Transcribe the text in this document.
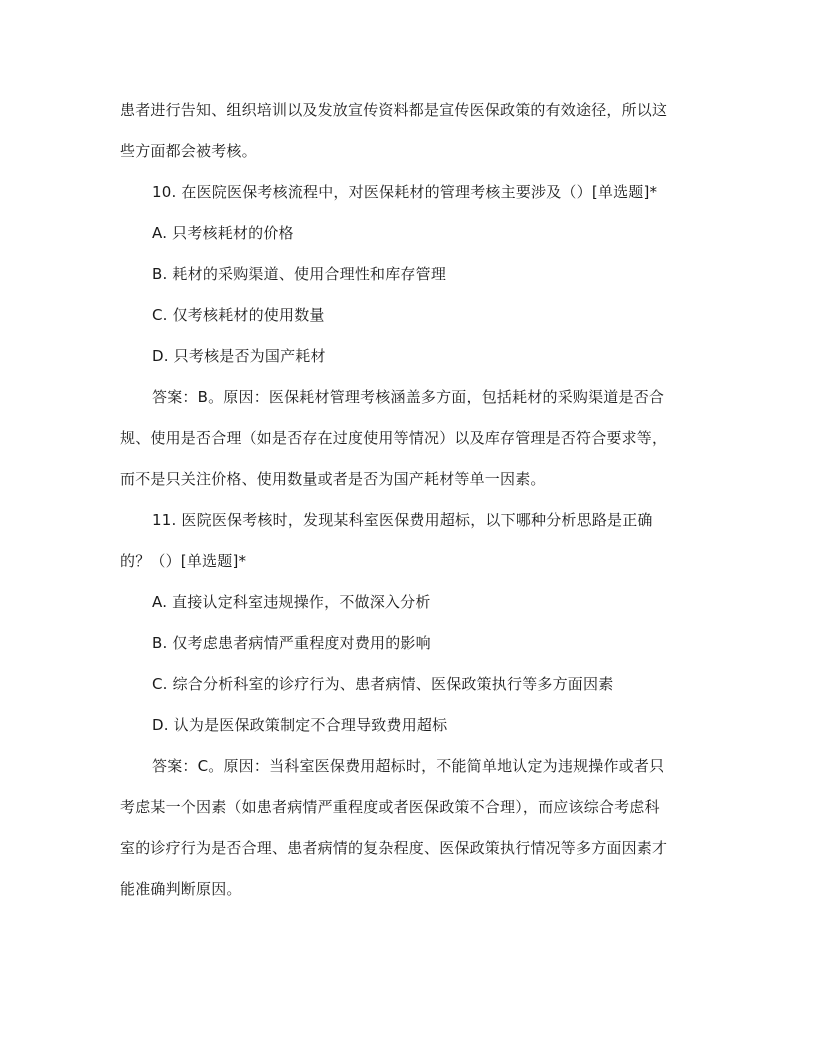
患者进行告知、组织培训以及发放宣传资料都是宣传医保政策的有效途径，所以这
些方面都会被考核。
10. 在医院医保考核流程中，对医保耗材的管理考核主要涉及（）[单选题]*
A. 只考核耗材的价格
B. 耗材的采购渠道、使用合理性和库存管理
C. 仅考核耗材的使用数量
D. 只考核是否为国产耗材
答案：B。原因：医保耗材管理考核涵盖多方面，包括耗材的采购渠道是否合
规、使用是否合理（如是否存在过度使用等情况）以及库存管理是否符合要求等，
而不是只关注价格、使用数量或者是否为国产耗材等单一因素。
11. 医院医保考核时，发现某科室医保费用超标，以下哪种分析思路是正确
的？（）[单选题]*
A. 直接认定科室违规操作，不做深入分析
B. 仅考虑患者病情严重程度对费用的影响
C. 综合分析科室的诊疗行为、患者病情、医保政策执行等多方面因素
D. 认为是医保政策制定不合理导致费用超标
答案：C。原因：当科室医保费用超标时，不能简单地认定为违规操作或者只
考虑某一个因素（如患者病情严重程度或者医保政策不合理），而应该综合考虑科
室的诊疗行为是否合理、患者病情的复杂程度、医保政策执行情况等多方面因素才
能准确判断原因。
